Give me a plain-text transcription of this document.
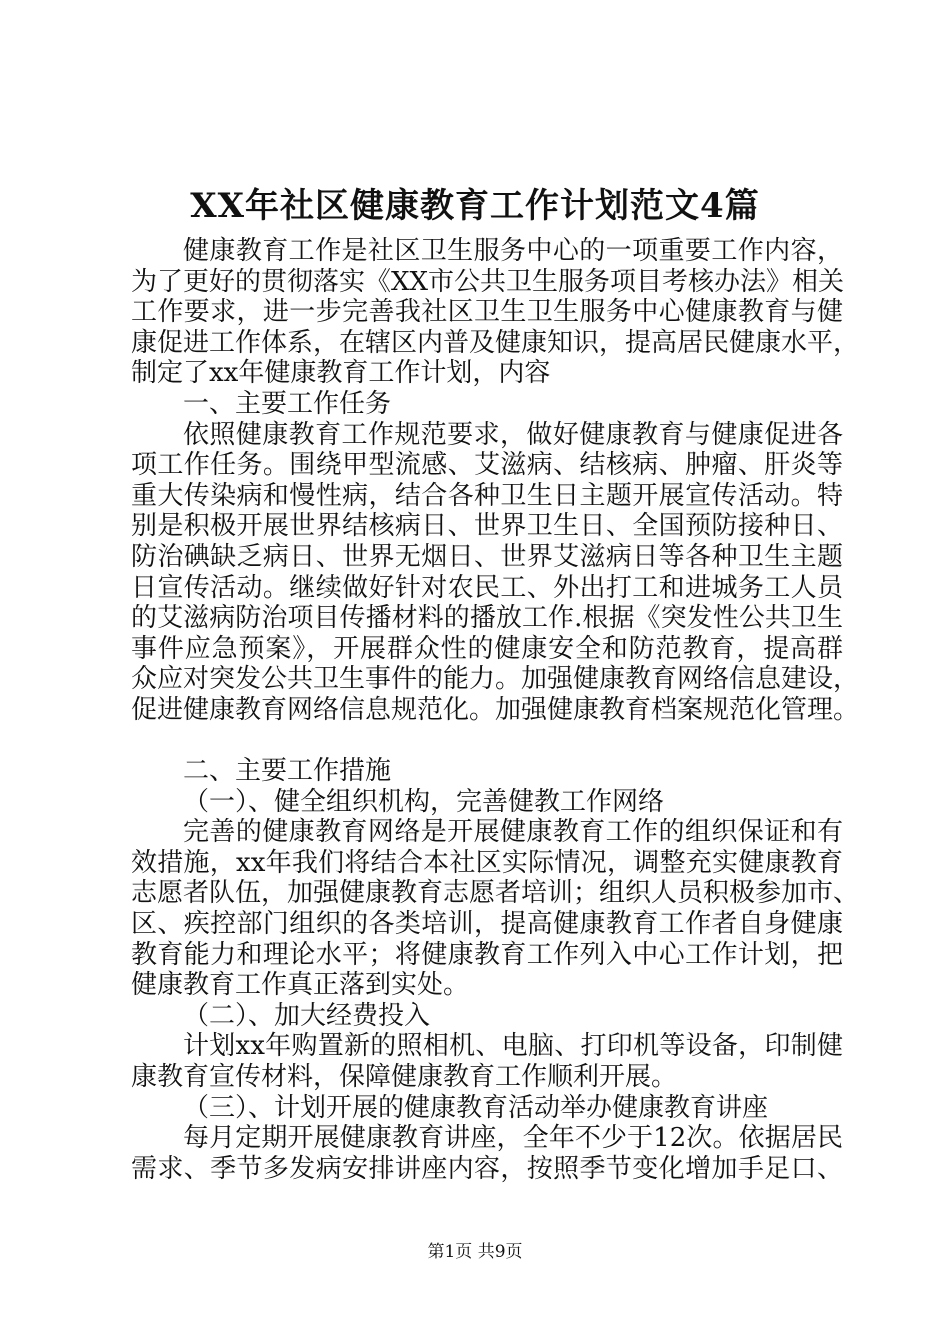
XX年社区健康教育工作计划范文4篇
健康教育工作是社区卫生服务中心的一项重要工作内容，
为了更好的贯彻落实《XX市公共卫生服务项目考核办法》相关
工作要求，进一步完善我社区卫生卫生服务中心健康教育与健
康促进工作体系，在辖区内普及健康知识，提高居民健康水平，
制定了xx年健康教育工作计划，内容
一、主要工作任务
依照健康教育工作规范要求，做好健康教育与健康促进各
项工作任务。围绕甲型流感、艾滋病、结核病、肿瘤、肝炎等
重大传染病和慢性病，结合各种卫生日主题开展宣传活动。特
别是积极开展世界结核病日、世界卫生日、全国预防接种日、
防治碘缺乏病日、世界无烟日、世界艾滋病日等各种卫生主题
日宣传活动。继续做好针对农民工、外出打工和进城务工人员
的艾滋病防治项目传播材料的播放工作.根据《突发性公共卫生
事件应急预案》，开展群众性的健康安全和防范教育，提高群
众应对突发公共卫生事件的能力。加强健康教育网络信息建设，
促进健康教育网络信息规范化。加强健康教育档案规范化管理。
二、主要工作措施
（一）、健全组织机构，完善健教工作网络
完善的健康教育网络是开展健康教育工作的组织保证和有
效措施，xx年我们将结合本社区实际情况，调整充实健康教育
志愿者队伍，加强健康教育志愿者培训；组织人员积极参加市、
区、疾控部门组织的各类培训，提高健康教育工作者自身健康
教育能力和理论水平；将健康教育工作列入中心工作计划，把
健康教育工作真正落到实处。
（二）、加大经费投入
计划xx年购置新的照相机、电脑、打印机等设备，印制健
康教育宣传材料，保障健康教育工作顺利开展。
（三）、计划开展的健康教育活动举办健康教育讲座
每月定期开展健康教育讲座，全年不少于12次。依据居民
需求、季节多发病安排讲座内容，按照季节变化增加手足口、
第1页 共9页
